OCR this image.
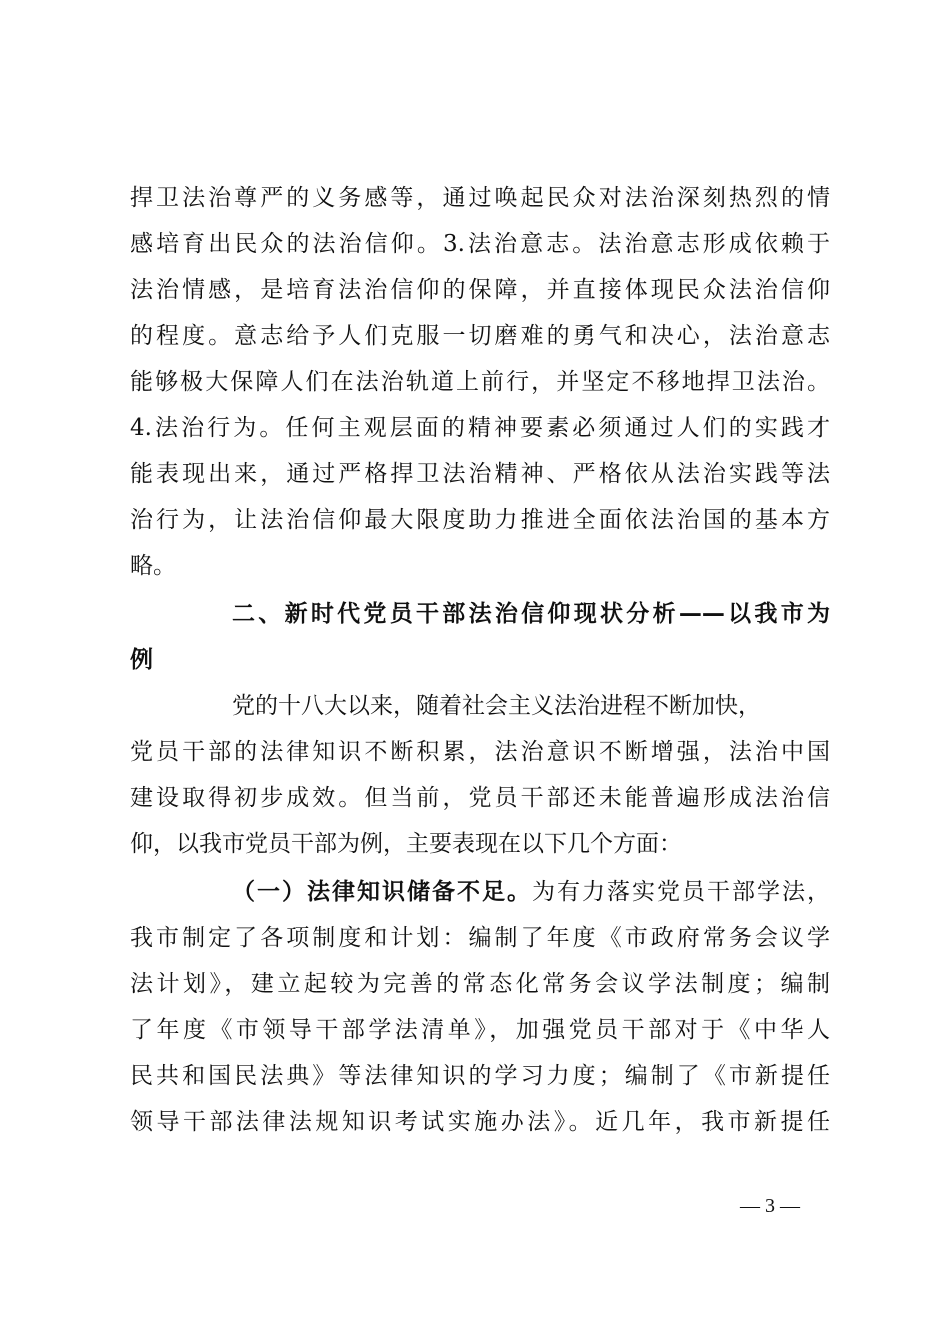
捍卫法治尊严的义务感等，通过唤起民众对法治深刻热烈的情
感培育出民众的法治信仰。3.法治意志。法治意志形成依赖于
法治情感，是培育法治信仰的保障，并直接体现民众法治信仰
的程度。意志给予人们克服一切磨难的勇气和决心，法治意志
能够极大保障人们在法治轨道上前行，并坚定不移地捍卫法治。
4.法治行为。任何主观层面的精神要素必须通过人们的实践才
能表现出来，通过严格捍卫法治精神、严格依从法治实践等法
治行为，让法治信仰最大限度助力推进全面依法治国的基本方
略。
二、新时代党员干部法治信仰现状分析——以我市为
例
党的十八大以来，随着社会主义法治进程不断加快，
党员干部的法律知识不断积累，法治意识不断增强，法治中国
建设取得初步成效。但当前，党员干部还未能普遍形成法治信
仰，以我市党员干部为例，主要表现在以下几个方面：
（一）法律知识储备不足。为有力落实党员干部学法，
我市制定了各项制度和计划：编制了年度《市政府常务会议学
法计划》，建立起较为完善的常态化常务会议学法制度；编制
了年度《市领导干部学法清单》，加强党员干部对于《中华人
民共和国民法典》等法律知识的学习力度；编制了《市新提任
领导干部法律法规知识考试实施办法》。近几年，我市新提任
— 3 —
